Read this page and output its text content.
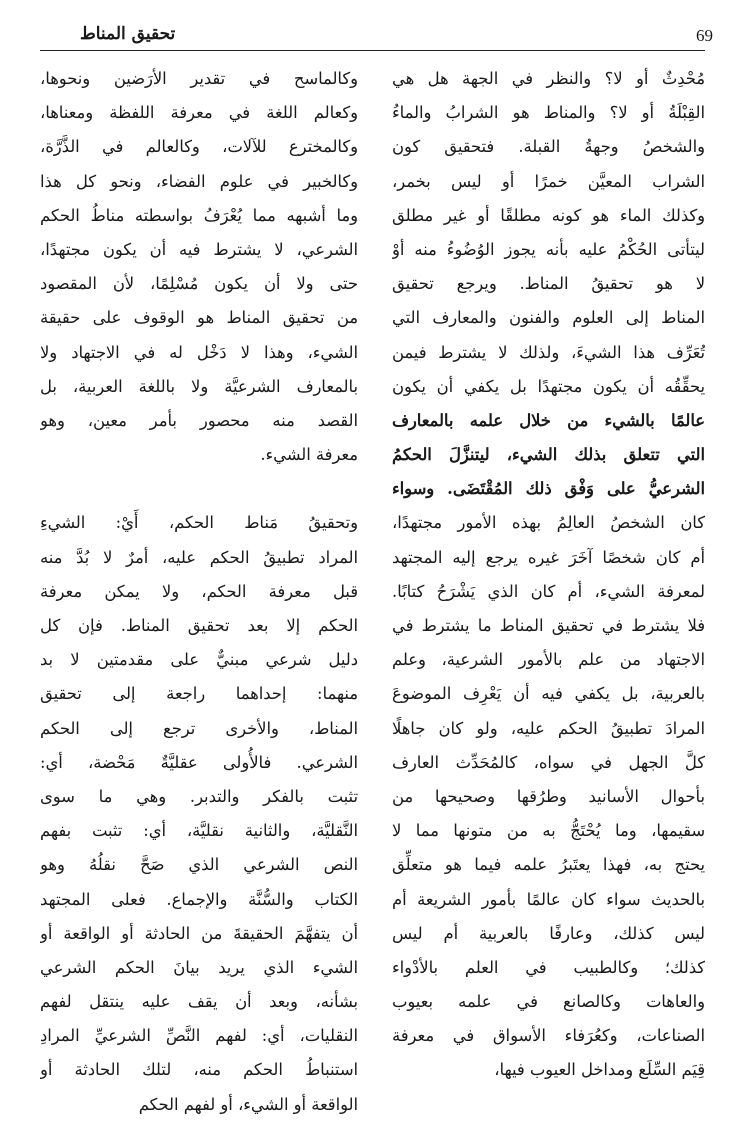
69
تحقيق المناط
مُحْدِثٌ أو لا؟ والنظر في الجهة هل هي
القِبْلَةُ أو لا؟ والمناط هو الشرابُ والماءُ
والشخصُ وجهةُ القبلة. فتحقيق كون
الشراب المعيَّن خمرًا أو ليس بخمر،
وكذلك الماء هو كونه مطلقًا أو غير مطلق
ليتأتى الحُكْمُ عليه بأنه يجوز الوُضُوءُ منه أوْ
لا هو تحقيقُ المناط. ويرجع تحقيق
المناط إلى العلوم والفنون والمعارف التي
تُعَرِّف هذا الشيءَ، ولذلك لا يشترط فيمن
يحقِّقُه أن يكون مجتهدًا بل يكفي أن يكون
عالمًا بالشيء من خلال علمه بالمعارف
التي تتعلق بذلك الشيء، ليتنزَّلَ الحكمُ
الشرعيُّ على وَفْق ذلك المُقْتَضَى. وسواء
كان الشخصُ العالِمُ بهذه الأمور مجتهدًا،
أم كان شخصًا آخَرَ غيره يرجع إليه المجتهد
لمعرفة الشيء، أم كان الذي يَشْرَحُ كتابًا.
فلا يشترط في تحقيق المناط ما يشترط في
الاجتهاد من علم بالأمور الشرعية، وعلم
بالعربية، بل يكفي فيه أن يَعْرِف الموضوعَ
المرادَ تطبيقُ الحكم عليه، ولو كان جاهلًا
كلَّ الجهل في سواه، كالمُحَدِّث العارف
بأحوال الأسانيد وطرُقها وصحيحها من
سقيمها، وما يُحْتَجُّ به من متونها مما لا
يحتج به، فهذا يعتَبرُ علمه فيما هو متعلِّق
بالحديث سواء كان عالمًا بأمور الشريعة أم
ليس كذلك، وعارفًا بالعربية أم ليس
كذلك؛ وكالطبيب في العلم بالأدْواء
والعاهات وكالصانع في علمه بعيوب
الصناعات، وكعُرَفاء الأسواق في معرفة
قِيَم السِّلَع ومداخل العيوب فيها،
وكالماسح في تقدير الأرَضين ونحوها،
وكعالم اللغة في معرفة اللفظة ومعناها،
وكالمخترع للآلات، وكالعالم في الذَّرَّة،
وكالخبير في علوم الفضاء، ونحو كل هذا
وما أشبهه مما يُعْرَفُ بواسطته مناطُ الحكم
الشرعي، لا يشترط فيه أن يكون مجتهدًا،
حتى ولا أن يكون مُسْلِمًا، لأن المقصود
من تحقيق المناط هو الوقوف على حقيقة
الشيء، وهذا لا دَخْل له في الاجتهاد ولا
بالمعارف الشرعيَّة ولا باللغة العربية، بل
القصد منه محصور بأمر معين، وهو
معرفة الشيء.
وتحقيقُ مَناط الحكم، أَيْ: الشيءِ
المراد تطبيقُ الحكم عليه، أمرٌ لا بُدَّ منه
قبل معرفة الحكم، ولا يمكن معرفة
الحكم إلا بعد تحقيق المناط. فإن كل
دليل شرعي مبنيٌّ على مقدمتين لا بد
منهما: إحداهما راجعة إلى تحقيق
المناط، والأخرى ترجع إلى الحكم
الشرعي. فالأُولى عقليَّةٌ مَحْضة، أي:
تثبت بالفكر والتدبر. وهي ما سوى
النَّقليَّة، والثانية نقليَّة، أي: تثبت بفهم
النص الشرعي الذي صَحَّ نقلُهُ وهو
الكتاب والسُّنَّة والإجماع. فعلى المجتهد
أن يتفهَّمَ الحقيقةَ من الحادثة أو الواقعة أو
الشيء الذي يريد بيانَ الحكم الشرعي
بشأنه، وبعد أن يقف عليه ينتقل لفهم
النقليات، أي: لفهم النَّصِّ الشرعيِّ المرادِ
استنباطُ الحكم منه، لتلك الحادثة أو
الواقعة أو الشيء، أو لفهم الحكم
